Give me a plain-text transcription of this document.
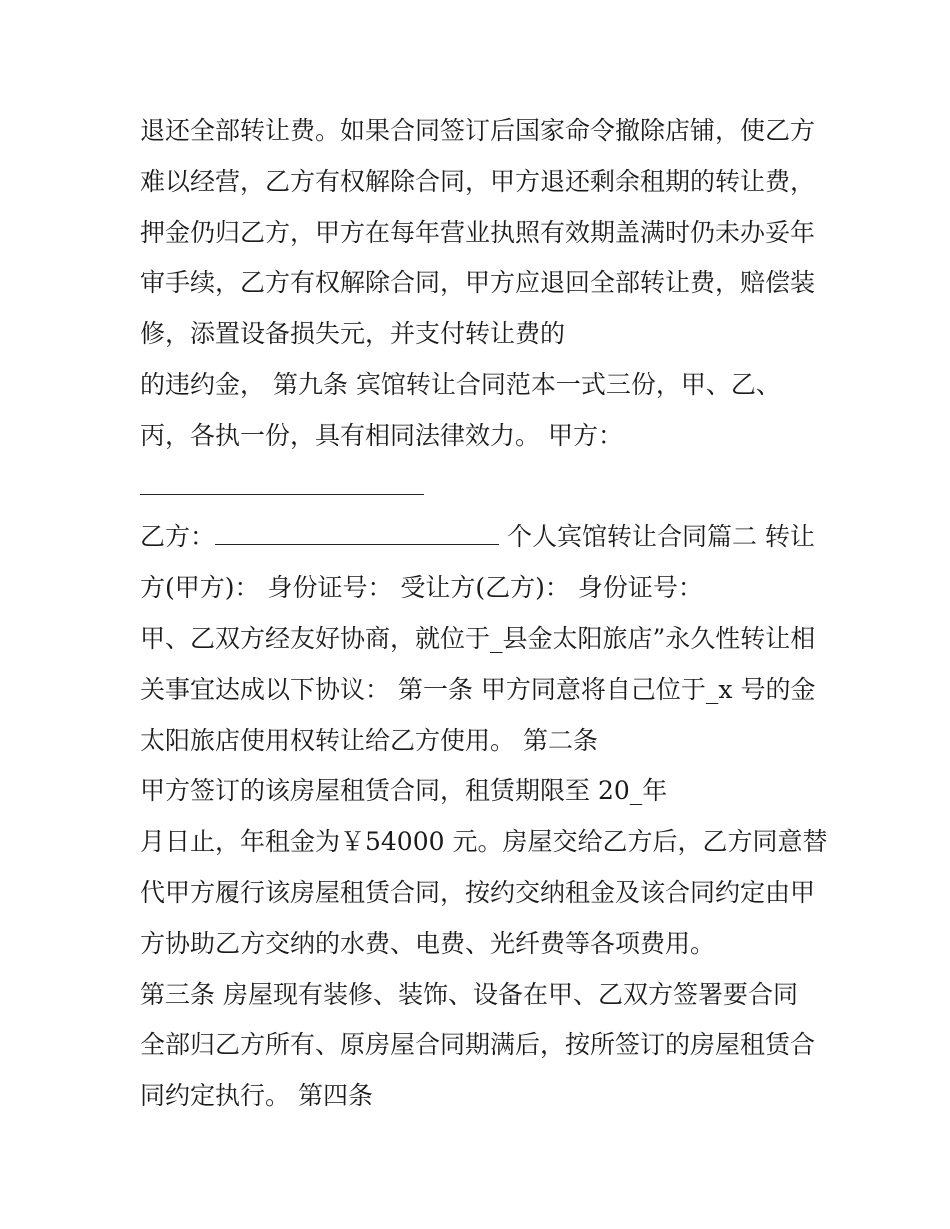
退还全部转让费。如果合同签订后国家命令撤除店铺，使乙方
难以经营，乙方有权解除合同，甲方退还剩余租期的转让费，
押金仍归乙方，甲方在每年营业执照有效期盖满时仍未办妥年
审手续，乙方有权解除合同，甲方应退回全部转让费，赔偿装
修，添置设备损失元，并支付转让费的
的违约金， 第九条 宾馆转让合同范本一式三份，甲、乙、
丙，各执一份，具有相同法律效力。 甲方：
乙方：	个人宾馆转让合同篇二 转让
方(甲方)： 身份证号： 受让方(乙方)： 身份证号：
甲、乙双方经友好协商，就位于_县金太阳旅店”永久性转让相
关事宜达成以下协议： 第一条 甲方同意将自己位于_x 号的金
太阳旅店使用权转让给乙方使用。 第二条
甲方签订的该房屋租赁合同，租赁期限至 20_年
月日止，年租金为￥54000 元。房屋交给乙方后，乙方同意替
代甲方履行该房屋租赁合同，按约交纳租金及该合同约定由甲
方协助乙方交纳的水费、电费、光纤费等各项费用。
第三条 房屋现有装修、装饰、设备在甲、乙双方签署要合同
全部归乙方所有、原房屋合同期满后，按所签订的房屋租赁合
同约定执行。 第四条
